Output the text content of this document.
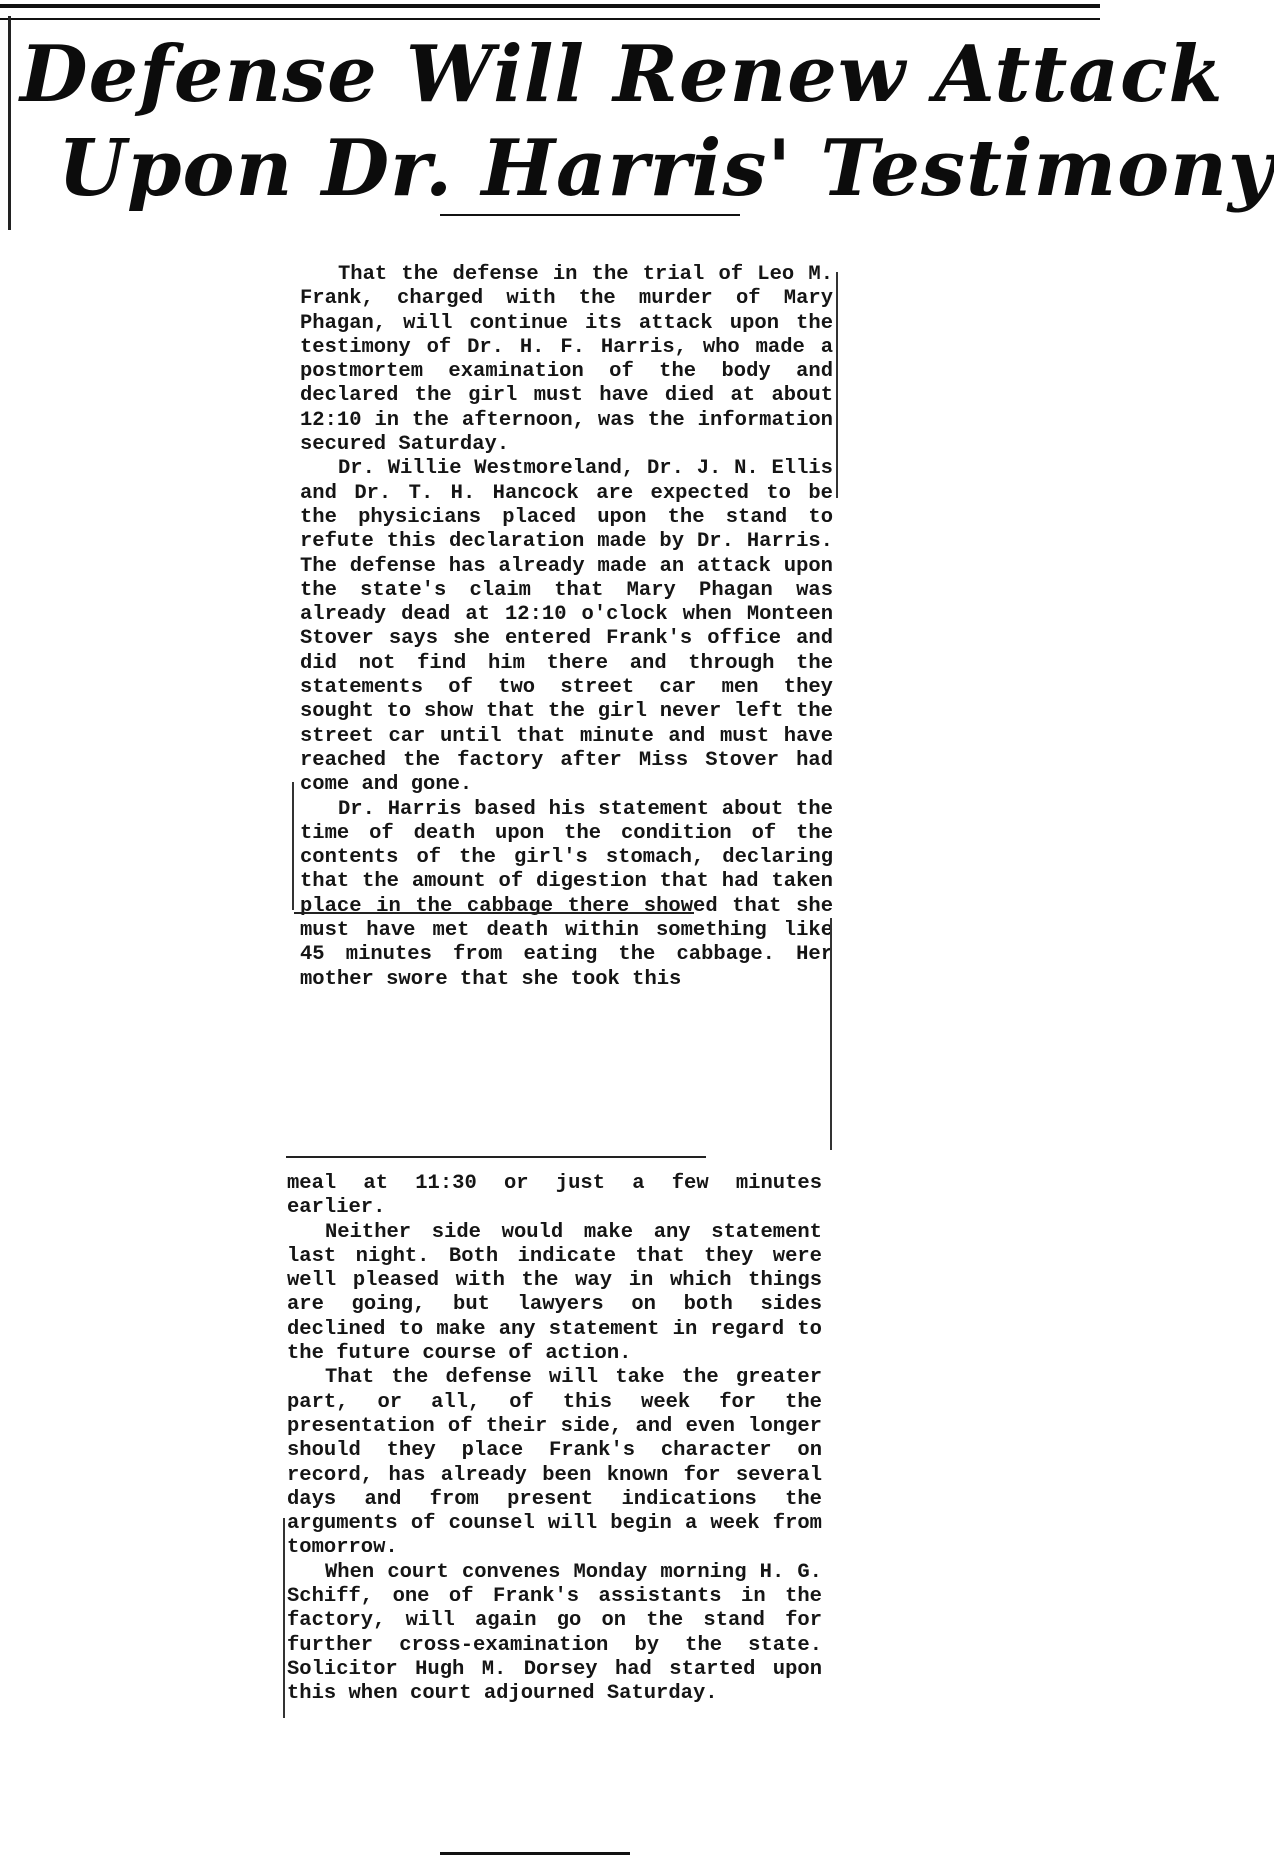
Defense Will Renew Attack
Upon Dr. Harris' Testimony

That the defense in the trial of Leo M. Frank, charged with the murder of Mary Phagan, will continue its attack upon the testimony of Dr. H. F. Harris, who made a postmortem examination of the body and declared the girl must have died at about 12:10 in the afternoon, was the information secured Saturday.

Dr. Willie Westmoreland, Dr. J. N. Ellis and Dr. T. H. Hancock are expected to be the physicians placed upon the stand to refute this declaration made by Dr. Harris. The defense has already made an attack upon the state's claim that Mary Phagan was already dead at 12:10 o'clock when Monteen Stover says she entered Frank's office and did not find him there and through the statements of two street car men they sought to show that the girl never left the street car until that minute and must have reached the factory after Miss Stover had come and gone.

Dr. Harris based his statement about the time of death upon the condition of the contents of the girl's stomach, declaring that the amount of digestion that had taken place in the cabbage there showed that she must have met death within something like 45 minutes from eating the cabbage. Her mother swore that she took this

meal at 11:30 or just a few minutes earlier.

Neither side would make any statement last night. Both indicate that they were well pleased with the way in which things are going, but lawyers on both sides declined to make any statement in regard to the future course of action.

That the defense will take the greater part, or all, of this week for the presentation of their side, and even longer should they place Frank's character on record, has already been known for several days and from present indications the arguments of counsel will begin a week from tomorrow.

When court convenes Monday morning H. G. Schiff, one of Frank's assistants in the factory, will again go on the stand for further cross-examination by the state. Solicitor Hugh M. Dorsey had started upon this when court adjourned Saturday.
